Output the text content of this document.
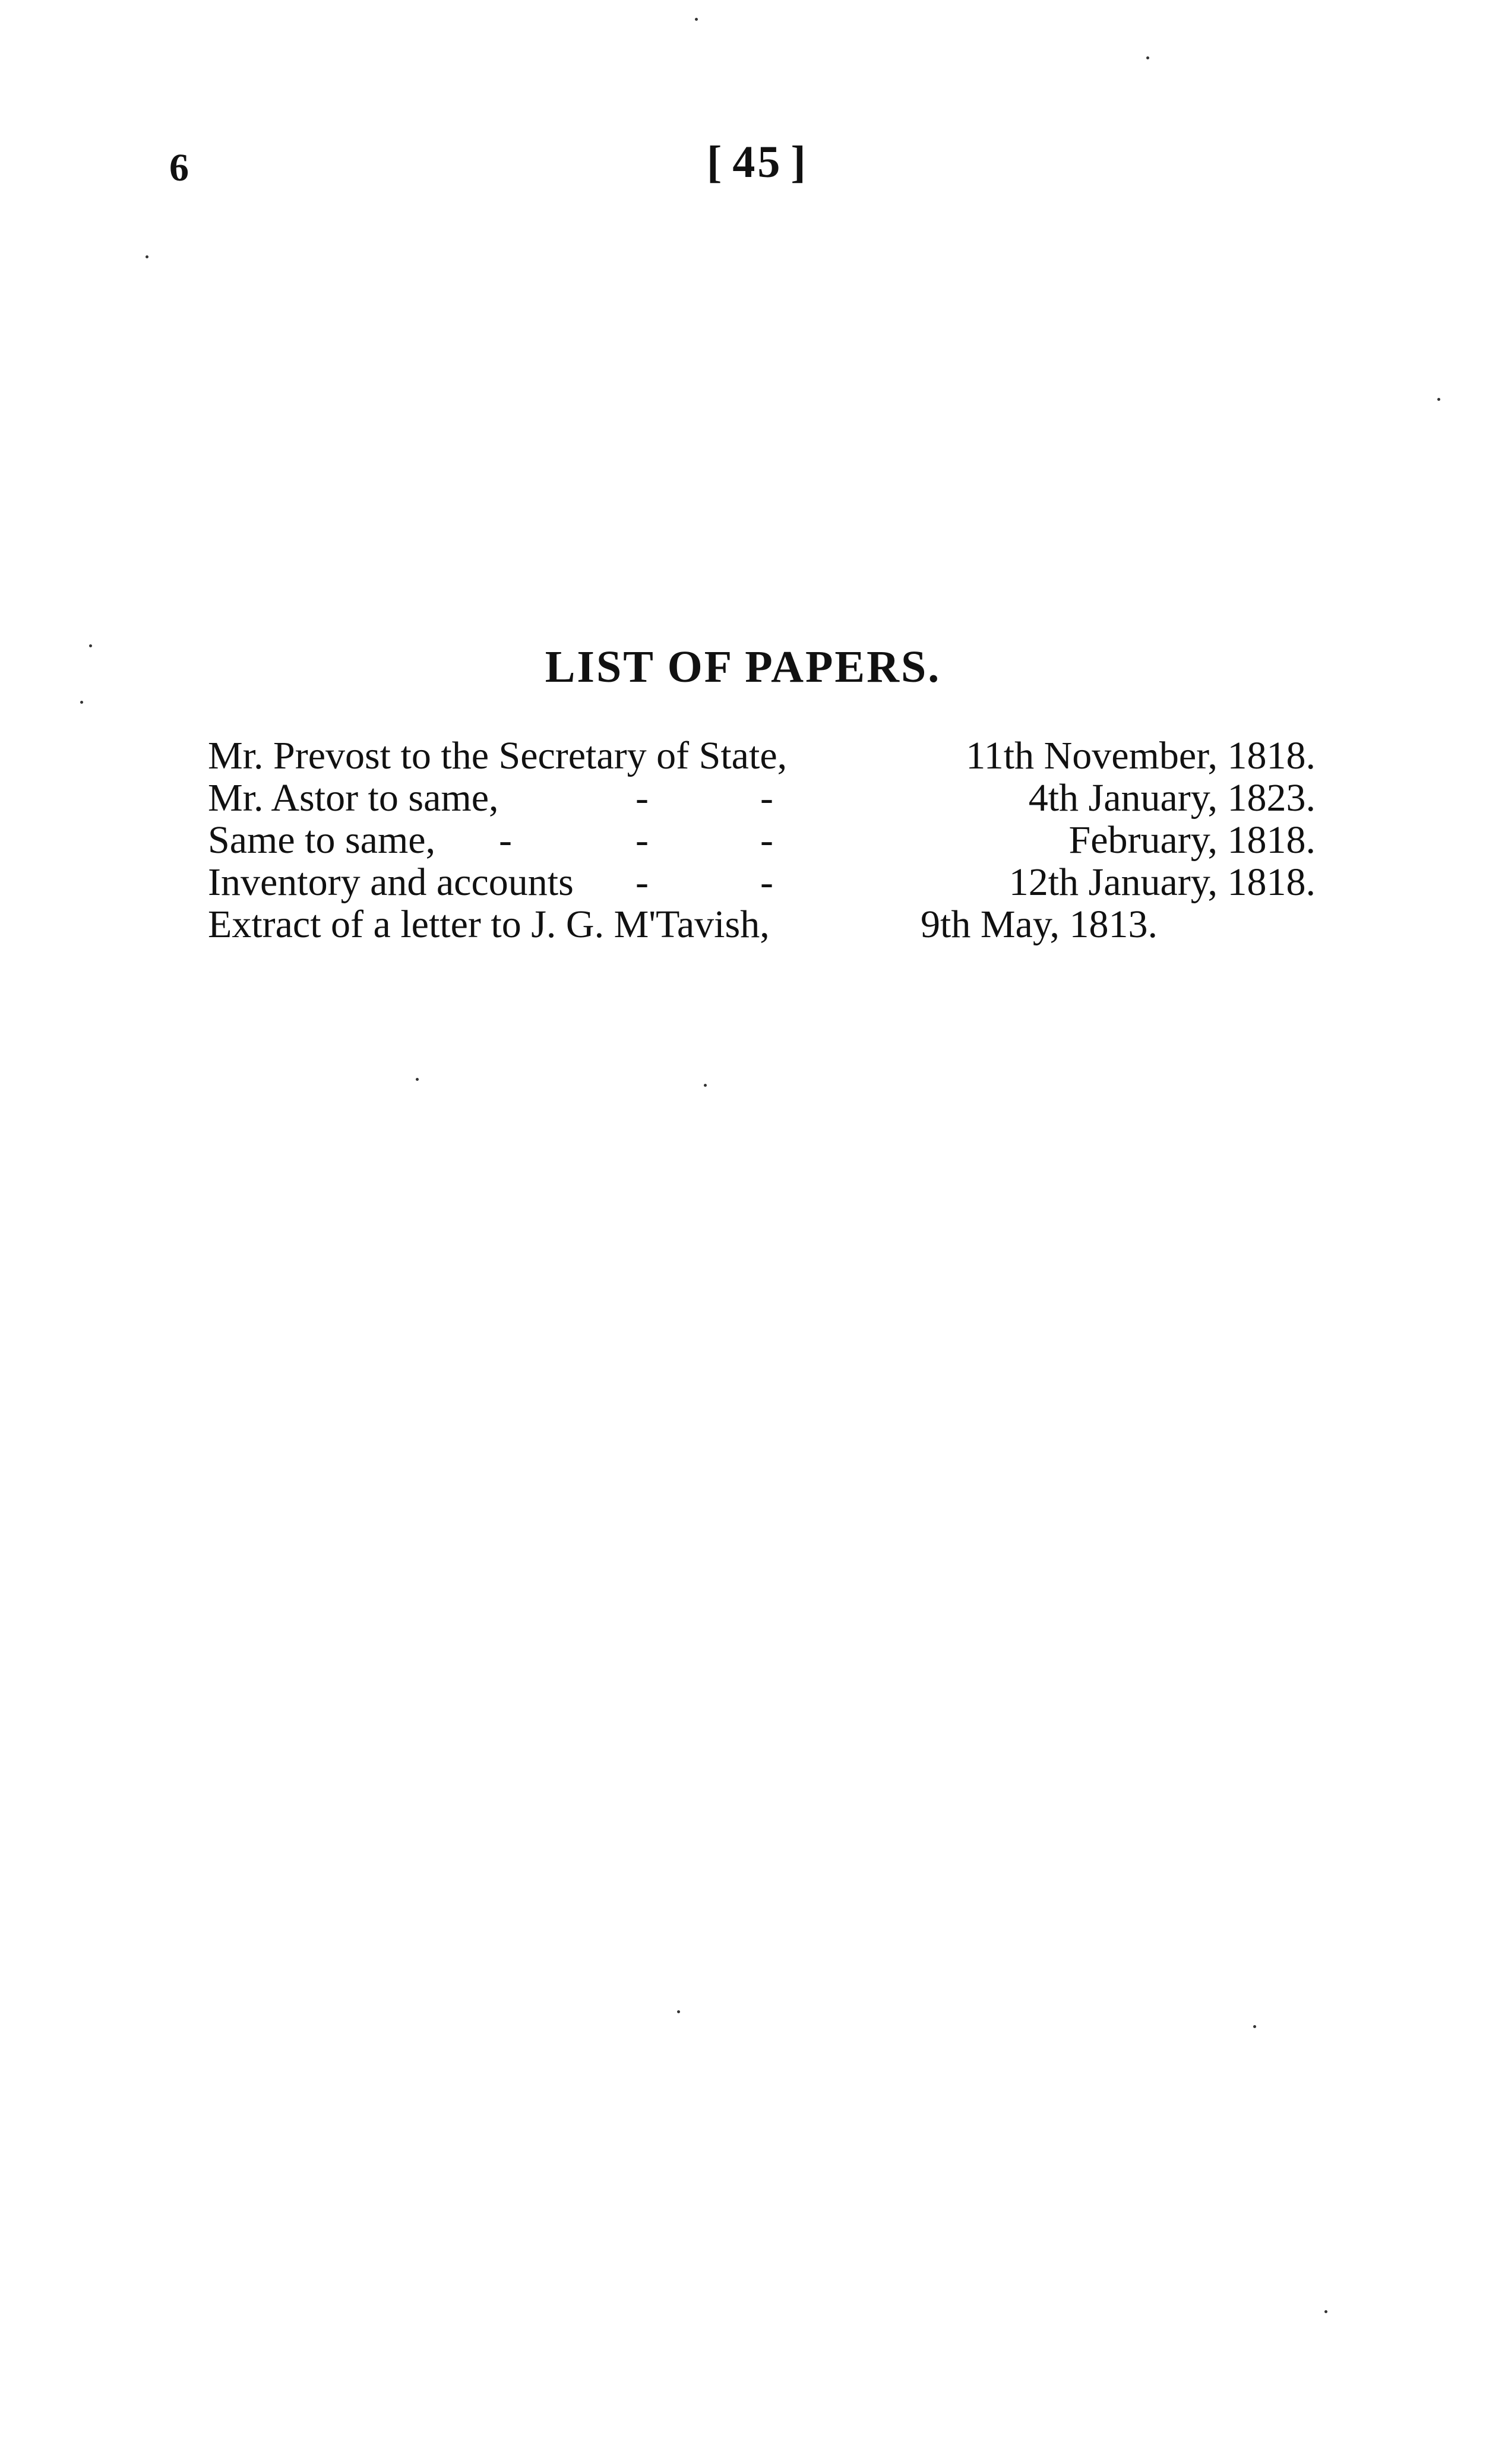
6	[ 45 ]
LIST OF PAPERS.
Mr. Prevost to the Secretary of State,	11th November, 1818.
Mr. Astor to same,	-	-	4th January, 1823.
Same to same, -	-	-	February, 1818.
Inventory and accounts -	-	12th January, 1818.
Extract of a letter to J. G. M'Tavish,	9th May, 1813.
